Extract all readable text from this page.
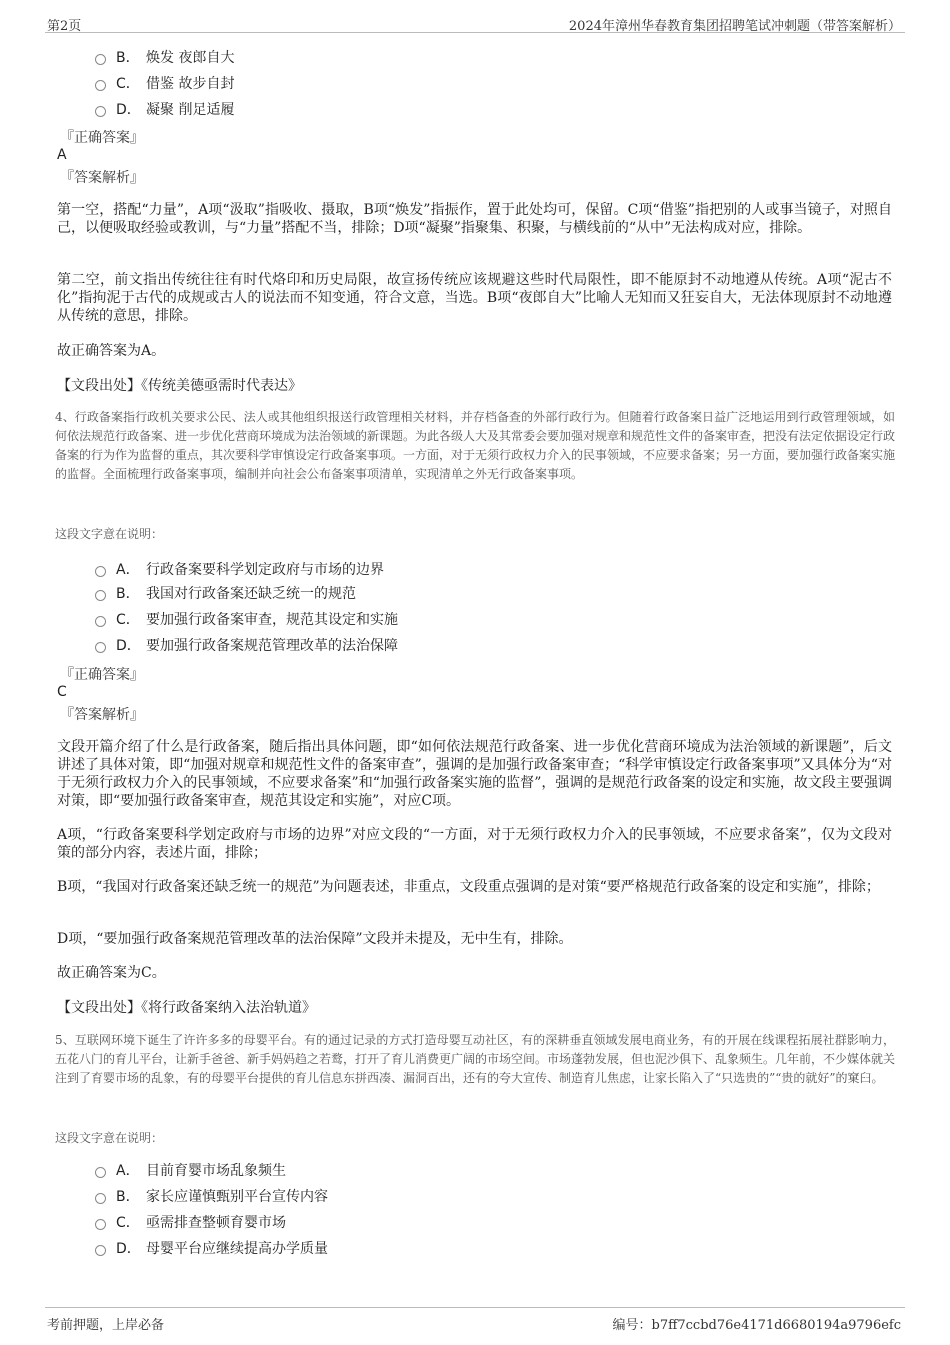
第2页	2024年漳州华春教育集团招聘笔试冲刺题（带答案解析）
B． 焕发 夜郎自大
C． 借鉴 故步自封
D． 凝聚 削足适履
『正确答案』
A
『答案解析』
第一空，搭配“力量”，A项“汲取”指吸收、摄取，B项“焕发”指振作，置于此处均可，保留。C项“借鉴”指把别的人或事当镜子，对照自己，以便吸取经验或教训，与“力量”搭配不当，排除；D项“凝聚”指聚集、积聚，与横线前的“从中”无法构成对应，排除。
第二空，前文指出传统往往有时代烙印和历史局限，故宣扬传统应该规避这些时代局限性，即不能原封不动地遵从传统。A项“泥古不化”指拘泥于古代的成规或古人的说法而不知变通，符合文意，当选。B项“夜郎自大”比喻人无知而又狂妄自大，无法体现原封不动地遵从传统的意思，排除。
故正确答案为A。
【文段出处】《传统美德亟需时代表达》
4、行政备案指行政机关要求公民、法人或其他组织报送行政管理相关材料，并存档备查的外部行政行为。但随着行政备案日益广泛地运用到行政管理领域，如何依法规范行政备案、进一步优化营商环境成为法治领域的新课题。为此各级人大及其常委会要加强对规章和规范性文件的备案审查，把没有法定依据设定行政备案的行为作为监督的重点，其次要科学审慎设定行政备案事项。一方面，对于无须行政权力介入的民事领域，不应要求备案；另一方面，要加强行政备案实施的监督。全面梳理行政备案事项，编制并向社会公布备案事项清单，实现清单之外无行政备案事项。
这段文字意在说明：
A． 行政备案要科学划定政府与市场的边界
B． 我国对行政备案还缺乏统一的规范
C． 要加强行政备案审查，规范其设定和实施
D． 要加强行政备案规范管理改革的法治保障
『正确答案』
C
『答案解析』
文段开篇介绍了什么是行政备案，随后指出具体问题，即“如何依法规范行政备案、进一步优化营商环境成为法治领域的新课题”，后文讲述了具体对策，即“加强对规章和规范性文件的备案审查”，强调的是加强行政备案审查；“科学审慎设定行政备案事项”又具体分为“对于无须行政权力介入的民事领域，不应要求备案”和“加强行政备案实施的监督”，强调的是规范行政备案的设定和实施，故文段主要强调对策，即“要加强行政备案审查，规范其设定和实施”，对应C项。
A项，“行政备案要科学划定政府与市场的边界”对应文段的“一方面，对于无须行政权力介入的民事领域，不应要求备案”，仅为文段对策的部分内容，表述片面，排除；
B项，“我国对行政备案还缺乏统一的规范”为问题表述，非重点，文段重点强调的是对策“要严格规范行政备案的设定和实施”，排除；
D项，“要加强行政备案规范管理改革的法治保障”文段并未提及，无中生有，排除。
故正确答案为C。
【文段出处】《将行政备案纳入法治轨道》
5、互联网环境下诞生了许许多多的母婴平台。有的通过记录的方式打造母婴互动社区，有的深耕垂直领域发展电商业务，有的开展在线课程拓展社群影响力，五花八门的育儿平台，让新手爸爸、新手妈妈趋之若鹜，打开了育儿消费更广阔的市场空间。市场蓬勃发展，但也泥沙俱下、乱象频生。几年前，不少媒体就关注到了育婴市场的乱象，有的母婴平台提供的育儿信息东拼西凑、漏洞百出，还有的夸大宣传、制造育儿焦虑，让家长陷入了“只选贵的”“贵的就好”的窠臼。
这段文字意在说明：
A． 目前育婴市场乱象频生
B． 家长应谨慎甄别平台宣传内容
C． 亟需排查整顿育婴市场
D． 母婴平台应继续提高办学质量
考前押题，上岸必备	编号：b7ff7ccbd76e4171d6680194a9796efc
